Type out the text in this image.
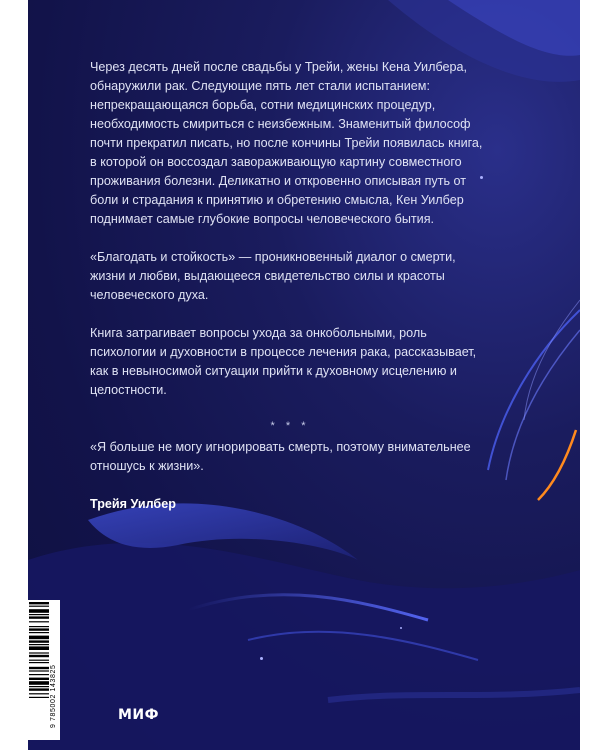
Через десять дней после свадьбы у Трейи, жены Кена Уилбера, обнаружили рак. Следующие пять лет стали испытанием: непрекращающаяся борьба, сотни медицинских процедур, необходимость смириться с неизбежным. Знаменитый философ почти прекратил писать, но после кончины Трейи появилась книга, в которой он воссоздал завораживающую картину совместного проживания болезни. Деликатно и откровенно описывая путь от боли и страдания к принятию и обретению смысла, Кен Уилбер поднимает самые глубокие вопросы человеческого бытия.

«Благодать и стойкость» — проникновенный диалог о смерти, жизни и любви, выдающееся свидетельство силы и красоты человеческого духа.

Книга затрагивает вопросы ухода за онкобольными, роль психологии и духовности в процессе лечения рака, рассказывает, как в невыносимой ситуации прийти к духовному исцелению и целостности.

* * *

«Я больше не могу игнорировать смерть, поэтому внимательнее отношусь к жизни».

Трейя Уилбер

МИФ
9 785002 143825
